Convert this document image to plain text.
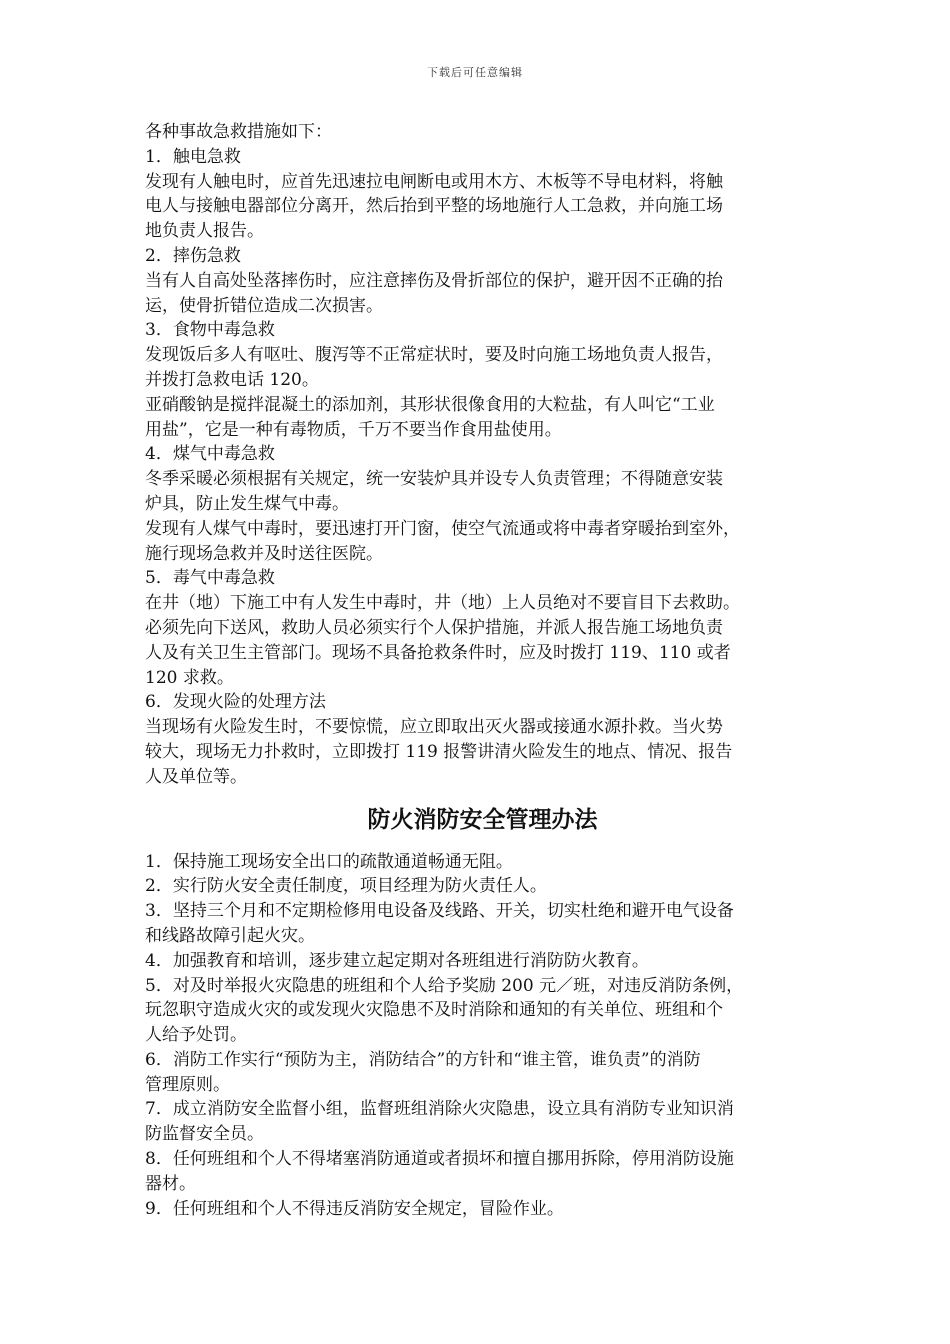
下载后可任意编辑
各种事故急救措施如下：
1．触电急救
发现有人触电时，应首先迅速拉电闸断电或用木方、木板等不导电材料，将触
电人与接触电器部位分离开，然后抬到平整的场地施行人工急救，并向施工场
地负责人报告。
2．摔伤急救
当有人自高处坠落摔伤时，应注意摔伤及骨折部位的保护，避开因不正确的抬
运，使骨折错位造成二次损害。
3．食物中毒急救
发现饭后多人有呕吐、腹泻等不正常症状时，要及时向施工场地负责人报告，
并拨打急救电话 120。
亚硝酸钠是搅拌混凝土的添加剂，其形状很像食用的大粒盐，有人叫它“工业
用盐”，它是一种有毒物质，千万不要当作食用盐使用。
4．煤气中毒急救
冬季采暖必须根据有关规定，统一安装炉具并设专人负责管理；不得随意安装
炉具，防止发生煤气中毒。
发现有人煤气中毒时，要迅速打开门窗，使空气流通或将中毒者穿暖抬到室外，
施行现场急救并及时送往医院。
5．毒气中毒急救
在井（地）下施工中有人发生中毒时，井（地）上人员绝对不要盲目下去救助。
必须先向下送风，救助人员必须实行个人保护措施，并派人报告施工场地负责
人及有关卫生主管部门。现场不具备抢救条件时，应及时拨打 119、110 或者
120 求救。
6．发现火险的处理方法
当现场有火险发生时，不要惊慌，应立即取出灭火器或接通水源扑救。当火势
较大，现场无力扑救时，立即拨打 119 报警讲清火险发生的地点、情况、报告
人及单位等。
防火消防安全管理办法
1．保持施工现场安全出口的疏散通道畅通无阻。
2．实行防火安全责任制度，项目经理为防火责任人。
3．坚持三个月和不定期检修用电设备及线路、开关，切实杜绝和避开电气设备
和线路故障引起火灾。
4．加强教育和培训，逐步建立起定期对各班组进行消防防火教育。
5．对及时举报火灾隐患的班组和个人给予奖励 200 元／班，对违反消防条例，
玩忽职守造成火灾的或发现火灾隐患不及时消除和通知的有关单位、班组和个
人给予处罚。
6．消防工作实行“预防为主，消防结合”的方针和“谁主管，谁负责”的消防
管理原则。
7．成立消防安全监督小组，监督班组消除火灾隐患，设立具有消防专业知识消
防监督安全员。
8．任何班组和个人不得堵塞消防通道或者损坏和擅自挪用拆除，停用消防设施
器材。
9．任何班组和个人不得违反消防安全规定，冒险作业。
